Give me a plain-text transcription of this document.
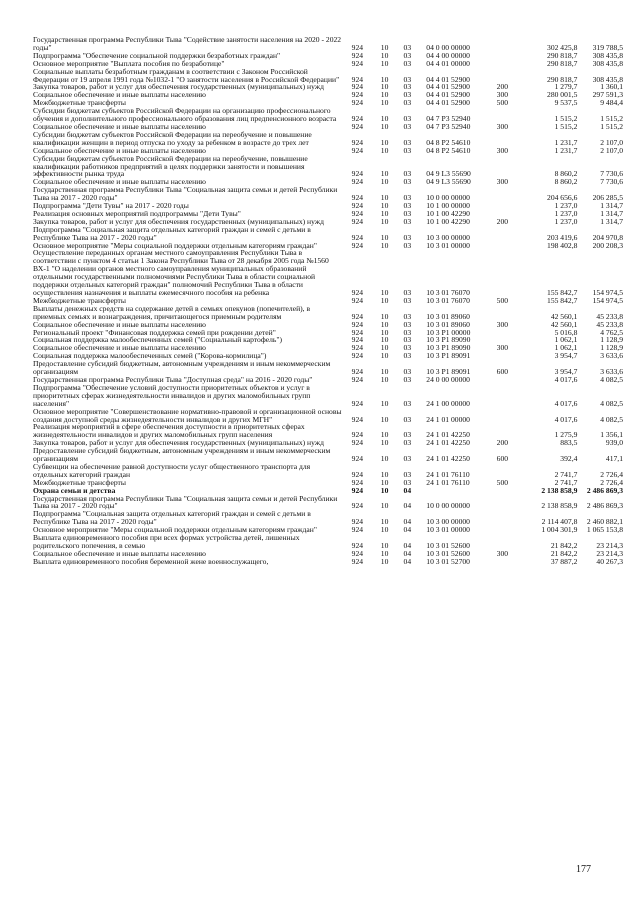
Государственная программа Республики Тыва "Содействие занятости населения на 2020 - 2022 годы"	924	10	03	04 0 00 00000		302 425,8	319 788,5
Подпрограмма "Обеспечение социальной поддержки безработных граждан"	924	10	03	04 4 00 00000		290 818,7	308 435,8
Основное мероприятие "Выплата пособия по безработице"	924	10	03	04 4 01 00000		290 818,7	308 435,8
Социальные выплаты безработным гражданам в соответствии с Законом Российской Федерации от 19 апреля 1991 года №1032-1 "О занятости населения в Российской Федерации"	924	10	03	04 4 01 52900		290 818,7	308 435,8
Закупка товаров, работ и услуг для обеспечения государственных (муниципальных) нужд	924	10	03	04 4 01 52900	200	1 279,7	1 360,1
Социальное обеспечение и иные выплаты населению	924	10	03	04 4 01 52900	300	280 001,5	297 591,3
Межбюджетные трансферты	924	10	03	04 4 01 52900	500	9 537,5	9 484,4
Субсидии бюджетам субъектов Российской Федерации на организацию профессионального обучения и дополнительного профессионального образования лиц предпенсионного возраста	924	10	03	04 7 P3 52940		1 515,2	1 515,2
Социальное обеспечение и иные выплаты населению	924	10	03	04 7 P3 52940	300	1 515,2	1 515,2
Субсидии бюджетам субъектов Российской Федерации на переобучение и повышение квалификации женщин в период отпуска по уходу за ребенком в возрасте до трех лет	924	10	03	04 8 P2 54610		1 231,7	2 107,0
Социальное обеспечение и иные выплаты населению	924	10	03	04 8 P2 54610	300	1 231,7	2 107,0
Субсидии бюджетам субъектов Российской Федерации на переобучение, повышение квалификации работников предприятий в целях поддержки занятости и повышения эффективности рынка труда	924	10	03	04 9 L3 55690		8 860,2	7 730,6
Социальное обеспечение и иные выплаты населению	924	10	03	04 9 L3 55690	300	8 860,2	7 730,6
Государственная программа Республики Тыва "Социальная защита семьи и детей Республики Тыва на 2017 - 2020 годы"	924	10	03	10 0 00 00000		204 656,6	206 285,5
Подпрограмма "Дети Тувы" на 2017 - 2020 годы	924	10	03	10 1 00 00000		1 237,0	1 314,7
Реализация основных мероприятий подпрограммы "Дети Тувы"	924	10	03	10 1 00 42290		1 237,0	1 314,7
Закупка товаров, работ и услуг для обеспечения государственных (муниципальных) нужд	924	10	03	10 1 00 42290	200	1 237,0	1 314,7
Подпрограмма "Социальная защита отдельных категорий граждан и семей с детьми в Республике Тыва на 2017 - 2020 годы"	924	10	03	10 3 00 00000		203 419,6	204 970,8
Основное мероприятие "Меры социальной поддержки отдельным категориям граждан"	924	10	03	10 3 01 00000		198 402,8	200 208,3
Осуществление переданных органам местного самоуправления Республики Тыва в соответствии с пунктом 4 статьи 1 Закона Республики Тыва от 28 декабря 2005 года №1560 ВХ-1 "О наделении органов местного самоуправления муниципальных образований отдельными государственными полномочиями Республики Тыва в области социальной поддержки отдельных категорий граждан" полномочий Республики Тыва в области осуществления назначения и выплаты ежемесячного пособия на ребенка	924	10	03	10 3 01 76070		155 842,7	154 974,5
Межбюджетные трансферты	924	10	03	10 3 01 76070	500	155 842,7	154 974,5
Выплаты денежных средств на содержание детей в семьях опекунов (попечителей), в приемных семьях и вознаграждения, причитающегося приемным родителям	924	10	03	10 3 01 89060		42 560,1	45 233,8
Социальное обеспечение и иные выплаты населению	924	10	03	10 3 01 89060	300	42 560,1	45 233,8
Региональный проект "Финансовая поддержка семей при рождении детей"	924	10	03	10 3 P1 00000		5 016,8	4 762,5
Социальная поддержка малообеспеченных семей ("Социальный картофель")	924	10	03	10 3 P1 89090		1 062,1	1 128,9
Социальное обеспечение и иные выплаты населению	924	10	03	10 3 P1 89090	300	1 062,1	1 128,9
Социальная поддержка малообеспеченных семей ("Корова-кормилица")	924	10	03	10 3 P1 89091		3 954,7	3 633,6
Предоставление субсидий бюджетным, автономным учреждениям и иным некоммерческим организациям	924	10	03	10 3 P1 89091	600	3 954,7	3 633,6
Государственная программа Республики Тыва "Доступная среда" на 2016 - 2020 годы"	924	10	03	24 0 00 00000		4 017,6	4 082,5
Подпрограмма "Обеспечение условий доступности приоритетных объектов и услуг в приоритетных сферах жизнедеятельности инвалидов и других маломобильных групп населения"	924	10	03	24 1 00 00000		4 017,6	4 082,5
Основное мероприятие "Совершенствование нормативно-правовой и организационной основы создания доступной среды жизнедеятельности инвалидов и других МГН"	924	10	03	24 1 01 00000		4 017,6	4 082,5
Реализация мероприятий в сфере обеспечения доступности в приоритетных сферах жизнедеятельности инвалидов и других маломобильных групп населения	924	10	03	24 1 01 42250		1 275,9	1 356,1
Закупка товаров, работ и услуг для обеспечения государственных (муниципальных) нужд	924	10	03	24 1 01 42250	200	883,5	939,0
Предоставление субсидий бюджетным, автономным учреждениям и иным некоммерческим организациям	924	10	03	24 1 01 42250	600	392,4	417,1
Субвенции на обеспечение равной доступности услуг общественного транспорта для отдельных категорий граждан	924	10	03	24 1 01 76110		2 741,7	2 726,4
Межбюджетные трансферты	924	10	03	24 1 01 76110	500	2 741,7	2 726,4
Охрана семьи и детства	924	10	04			2 138 858,9	2 486 869,3
Государственная программа Республики Тыва "Социальная защита семьи и детей Республики Тыва на 2017 - 2020 годы"	924	10	04	10 0 00 00000		2 138 858,9	2 486 869,3
Подпрограмма "Социальная защита отдельных категорий граждан и семей с детьми в Республике Тыва на 2017 - 2020 годы"	924	10	04	10 3 00 00000		2 114 407,8	2 460 882,1
Основное мероприятие "Меры социальной поддержки отдельным категориям граждан"	924	10	04	10 3 01 00000		1 004 301,9	1 065 153,8
Выплата единовременного пособия при всех формах устройства детей, лишенных родительского попечения, в семью	924	10	04	10 3 01 52600		21 842,2	23 214,3
Социальное обеспечение и иные выплаты населению	924	10	04	10 3 01 52600	300	21 842,2	23 214,3
Выплата единовременного пособия беременной жене военнослужащего,	924	10	04	10 3 01 52700		37 887,2	40 267,3
177
